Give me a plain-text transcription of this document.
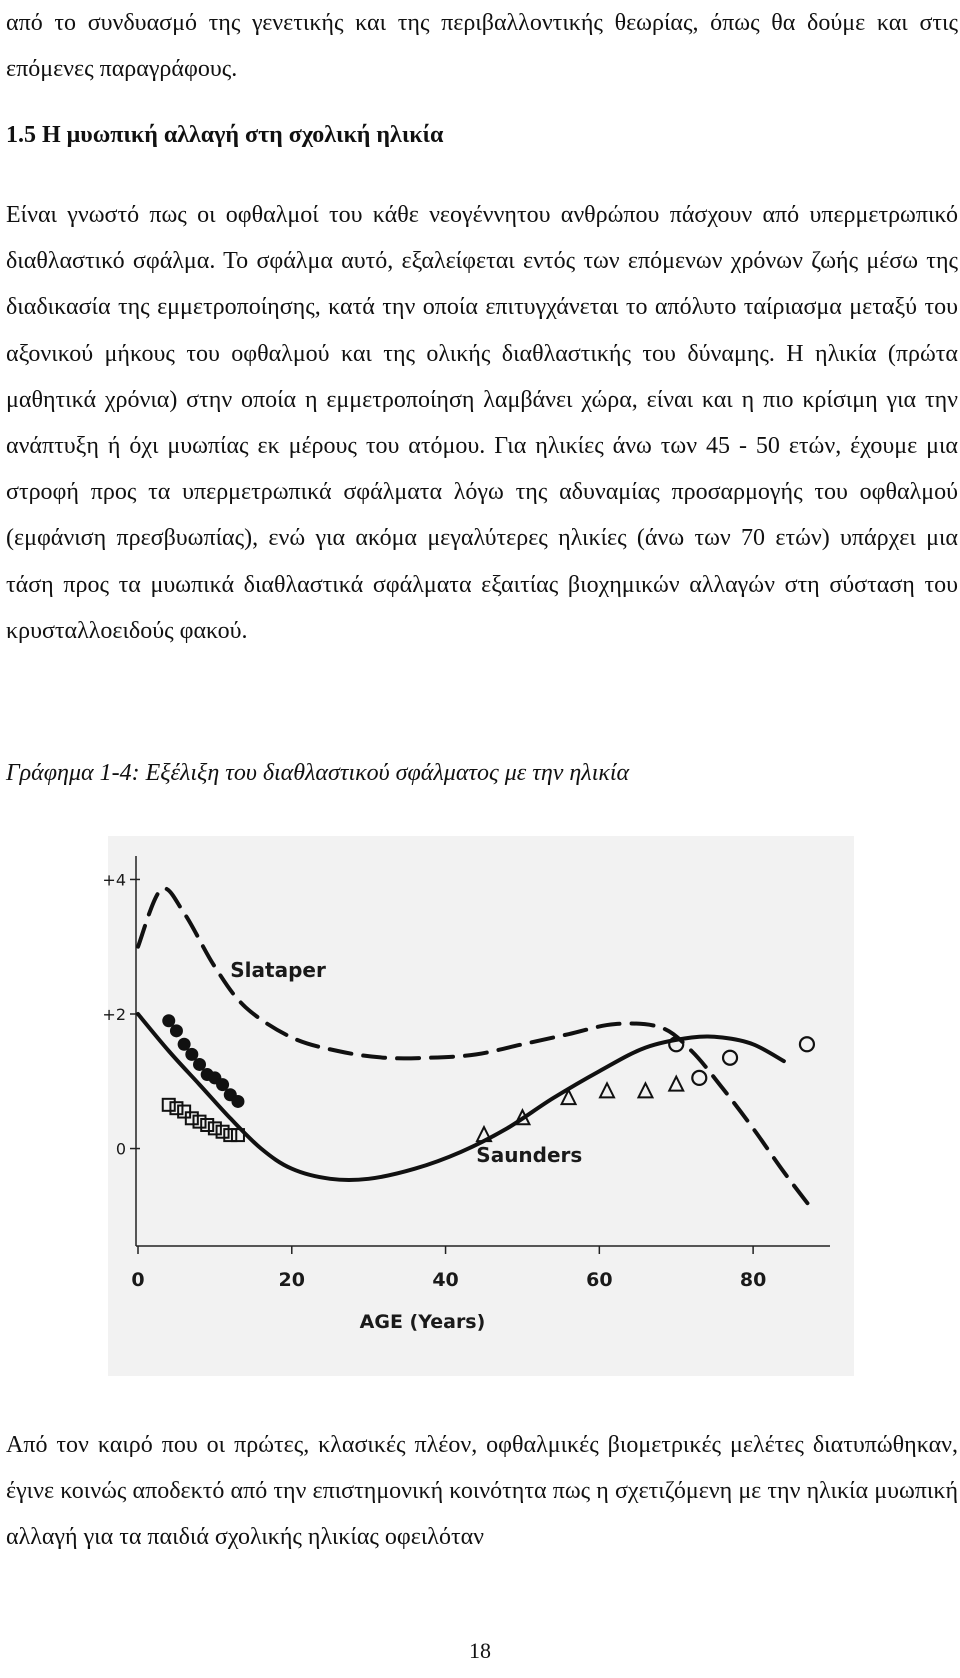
από το συνδυασμό της γενετικής και της περιβαλλοντικής θεωρίας, όπως θα δούμε και στις επόμενες παραγράφους.
1.5 Η μυωπική αλλαγή στη σχολική ηλικία
Είναι γνωστό πως οι οφθαλμοί του κάθε νεογέννητου ανθρώπου πάσχουν από υπερμετρωπικό διαθλαστικό σφάλμα. Το σφάλμα αυτό, εξαλείφεται εντός των επόμενων χρόνων ζωής μέσω της διαδικασία της εμμετροποίησης, κατά την οποία επιτυγχάνεται το απόλυτο ταίριασμα μεταξύ του αξονικού μήκους του οφθαλμού και της ολικής διαθλαστικής του δύναμης. Η ηλικία (πρώτα μαθητικά χρόνια) στην οποία η εμμετροποίηση λαμβάνει χώρα, είναι και η πιο κρίσιμη για την ανάπτυξη ή όχι μυωπίας εκ μέρους του ατόμου. Για ηλικίες άνω των 45 - 50 ετών, έχουμε μια στροφή προς τα υπερμετρωπικά σφάλματα λόγω της αδυναμίας προσαρμογής του οφθαλμού (εμφάνιση πρεσβυωπίας), ενώ για ακόμα μεγαλύτερες ηλικίες (άνω των 70 ετών) υπάρχει μια τάση προς τα μυωπικά διαθλαστικά σφάλματα εξαιτίας βιοχημικών αλλαγών στη σύσταση του κρυσταλλοειδούς φακού.
Γράφημα 1-4: Εξέλιξη του διαθλαστικού σφάλματος με την ηλικία
+4
+2
0
0	20	40	60	80
AGE (Years)
Slataper
Saunders
Από τον καιρό που οι πρώτες, κλασικές πλέον, οφθαλμικές βιομετρικές μελέτες διατυπώθηκαν, έγινε κοινώς αποδεκτό από την επιστημονική κοινότητα πως η σχετιζόμενη με την ηλικία μυωπική αλλαγή για τα παιδιά σχολικής ηλικίας οφειλόταν
18
